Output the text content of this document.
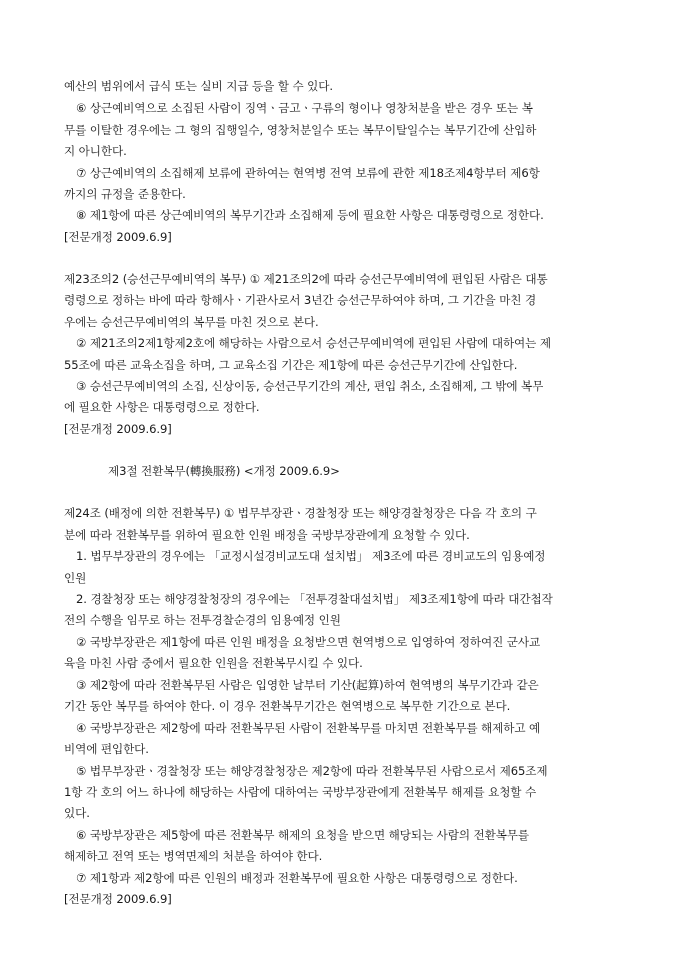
예산의 범위에서 급식 또는 실비 지급 등을 할 수 있다.
⑥ 상근예비역으로 소집된 사람이 징역ㆍ금고ㆍ구류의 형이나 영창처분을 받은 경우 또는 복
무를 이탈한 경우에는 그 형의 집행일수, 영창처분일수 또는 복무이탈일수는 복무기간에 산입하
지 아니한다.
⑦ 상근예비역의 소집해제 보류에 관하여는 현역병 전역 보류에 관한 제18조제4항부터 제6항
까지의 규정을 준용한다.
⑧ 제1항에 따른 상근예비역의 복무기간과 소집해제 등에 필요한 사항은 대통령령으로 정한다.
[전문개정 2009.6.9]
제23조의2 (승선근무예비역의 복무) ① 제21조의2에 따라 승선근무예비역에 편입된 사람은 대통
령령으로 정하는 바에 따라 항해사ㆍ기관사로서 3년간 승선근무하여야 하며, 그 기간을 마친 경
우에는 승선근무예비역의 복무를 마친 것으로 본다.
② 제21조의2제1항제2호에 해당하는 사람으로서 승선근무예비역에 편입된 사람에 대하여는 제
55조에 따른 교육소집을 하며, 그 교육소집 기간은 제1항에 따른 승선근무기간에 산입한다.
③ 승선근무예비역의 소집, 신상이동, 승선근무기간의 계산, 편입 취소, 소집해제, 그 밖에 복무
에 필요한 사항은 대통령령으로 정한다.
[전문개정 2009.6.9]
제3절 전환복무(轉換服務) <개정 2009.6.9>
제24조 (배정에 의한 전환복무) ① 법무부장관ㆍ경찰청장 또는 해양경찰청장은 다음 각 호의 구
분에 따라 전환복무를 위하여 필요한 인원 배정을 국방부장관에게 요청할 수 있다.
1. 법무부장관의 경우에는 「교정시설경비교도대 설치법」 제3조에 따른 경비교도의 임용예정
인원
2. 경찰청장 또는 해양경찰청장의 경우에는 「전투경찰대설치법」 제3조제1항에 따라 대간첩작
전의 수행을 임무로 하는 전투경찰순경의 임용예정 인원
② 국방부장관은 제1항에 따른 인원 배정을 요청받으면 현역병으로 입영하여 정하여진 군사교
육을 마친 사람 중에서 필요한 인원을 전환복무시킬 수 있다.
③ 제2항에 따라 전환복무된 사람은 입영한 날부터 기산(起算)하여 현역병의 복무기간과 같은
기간 동안 복무를 하여야 한다. 이 경우 전환복무기간은 현역병으로 복무한 기간으로 본다.
④ 국방부장관은 제2항에 따라 전환복무된 사람이 전환복무를 마치면 전환복무를 해제하고 예
비역에 편입한다.
⑤ 법무부장관ㆍ경찰청장 또는 해양경찰청장은 제2항에 따라 전환복무된 사람으로서 제65조제
1항 각 호의 어느 하나에 해당하는 사람에 대하여는 국방부장관에게 전환복무 해제를 요청할 수
있다.
⑥ 국방부장관은 제5항에 따른 전환복무 해제의 요청을 받으면 해당되는 사람의 전환복무를
해제하고 전역 또는 병역면제의 처분을 하여야 한다.
⑦ 제1항과 제2항에 따른 인원의 배정과 전환복무에 필요한 사항은 대통령령으로 정한다.
[전문개정 2009.6.9]
